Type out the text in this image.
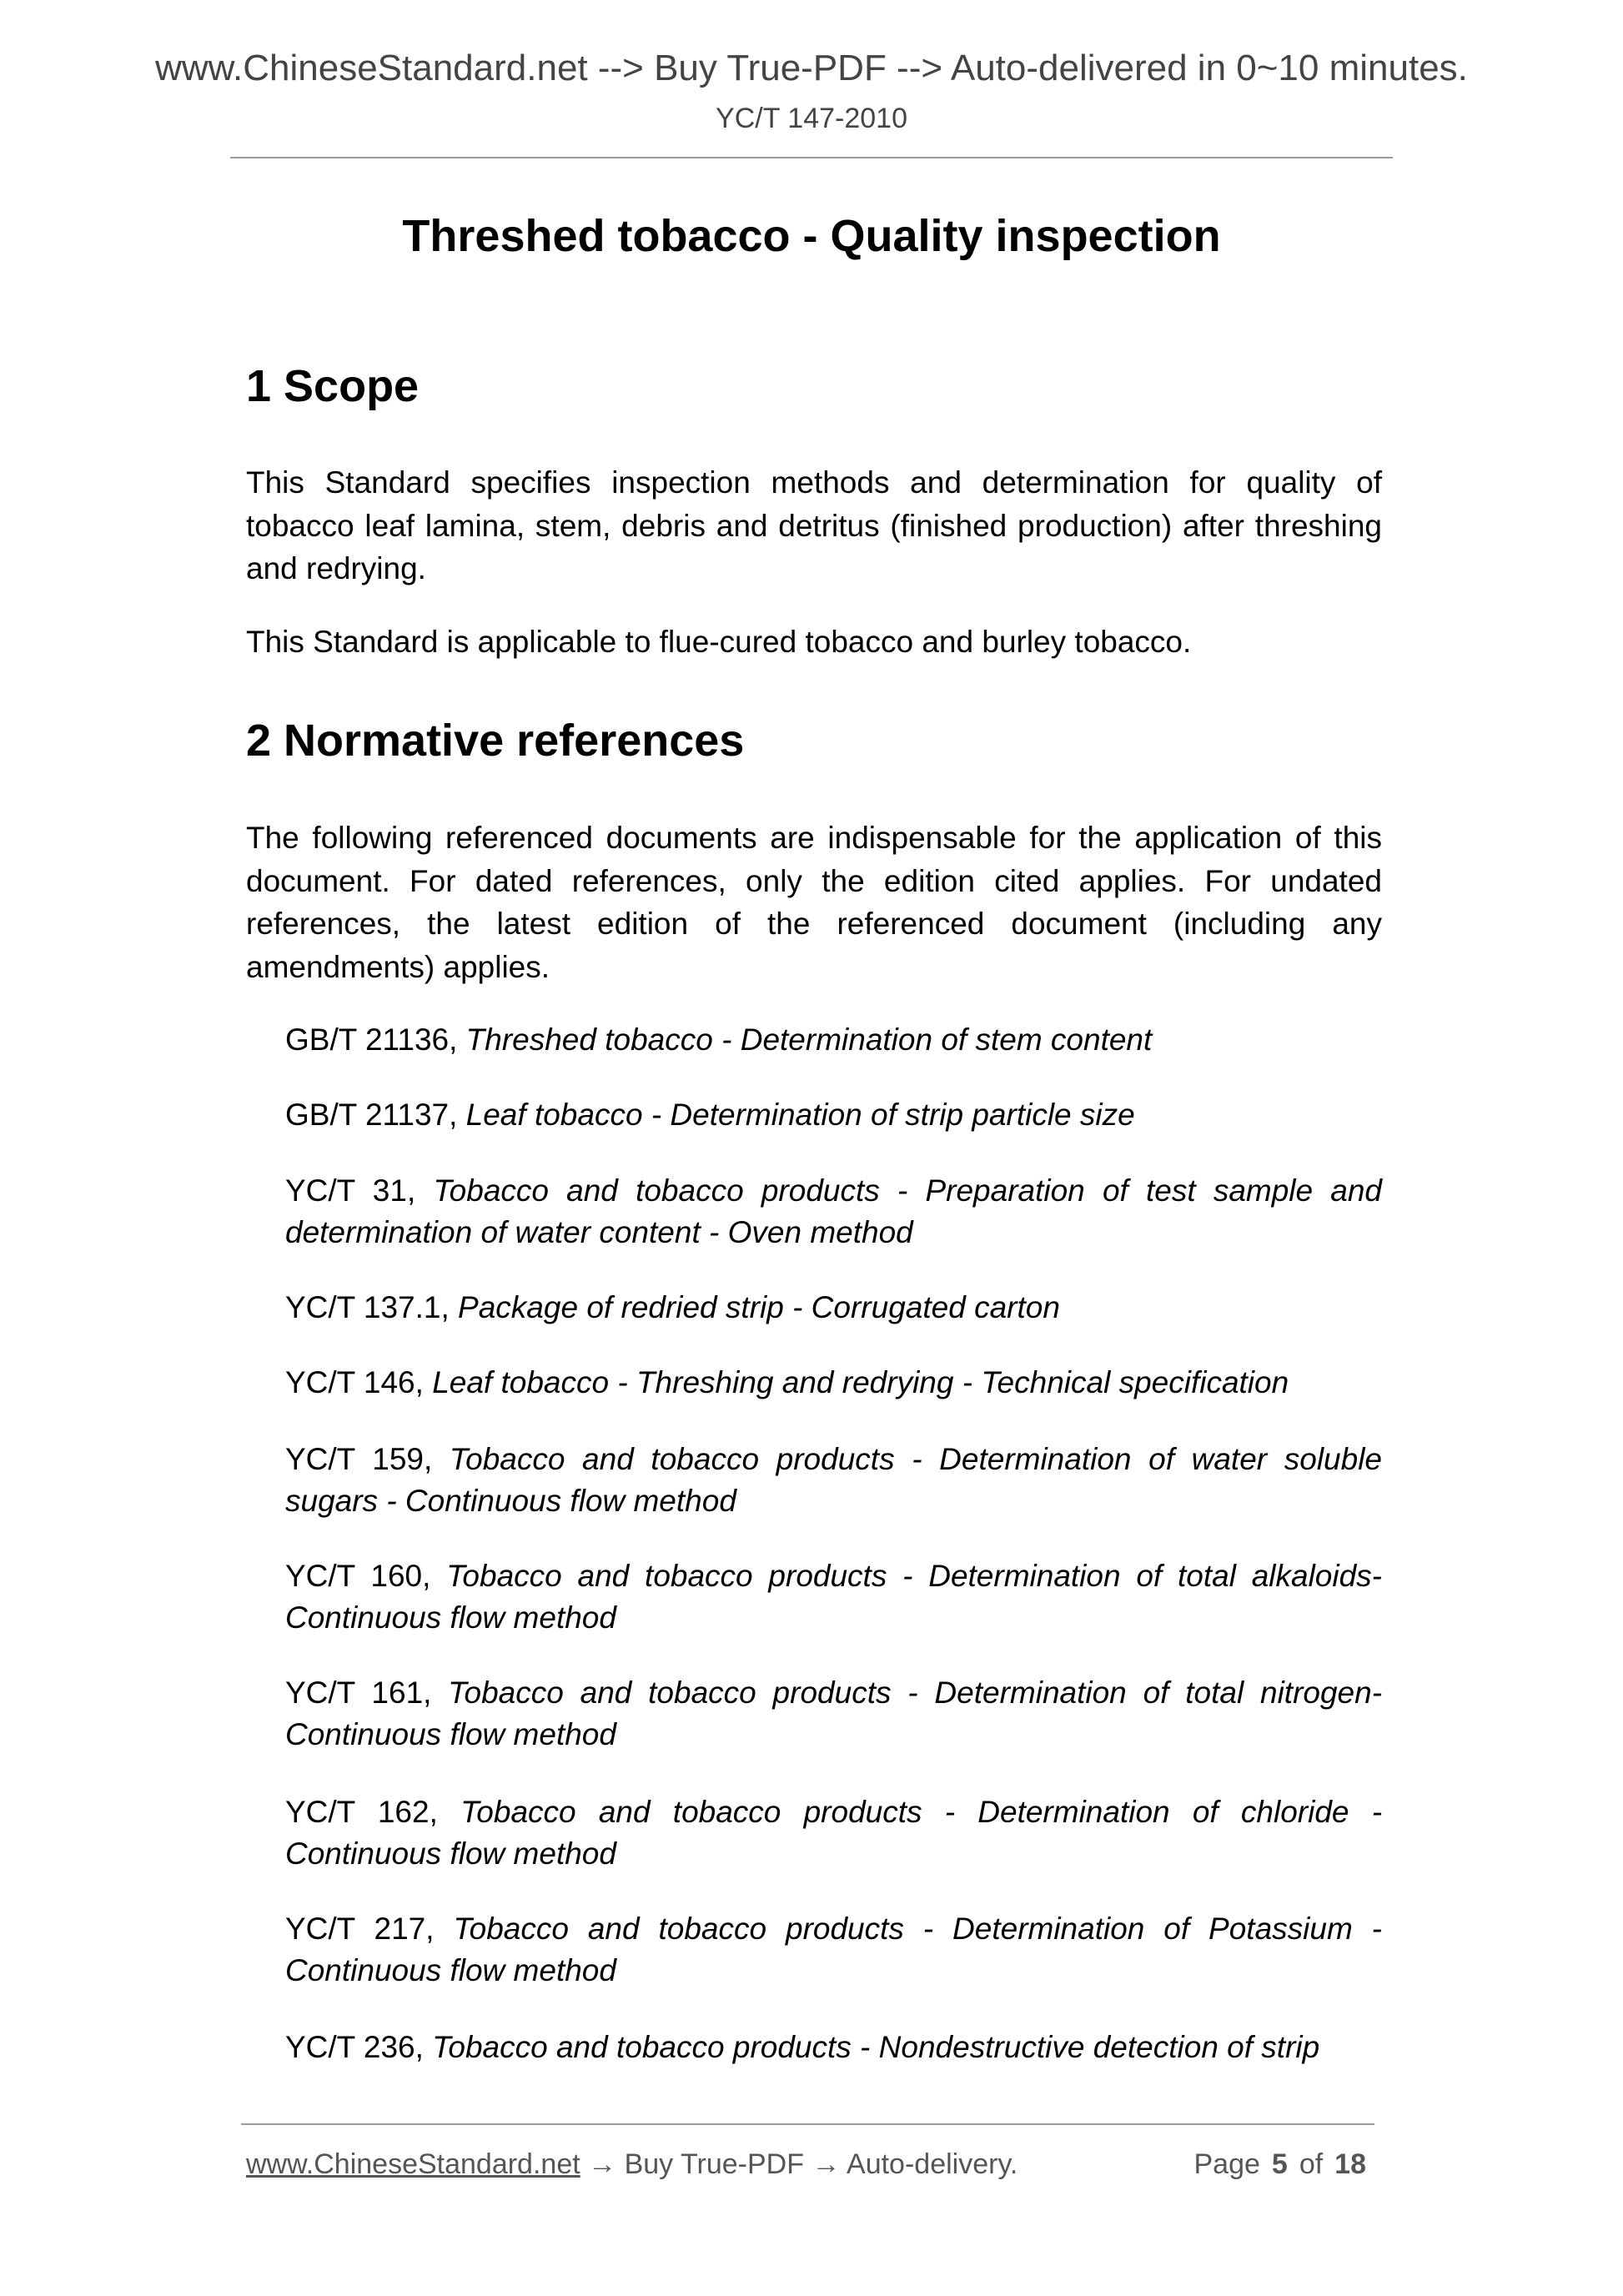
www.ChineseStandard.net --> Buy True-PDF --> Auto-delivered in 0~10 minutes.
YC/T 147-2010
Threshed tobacco - Quality inspection
1 Scope
This Standard specifies inspection methods and determination for quality of tobacco leaf lamina, stem, debris and detritus (finished production) after threshing and redrying.
This Standard is applicable to flue-cured tobacco and burley tobacco.
2 Normative references
The following referenced documents are indispensable for the application of this document. For dated references, only the edition cited applies. For undated references, the latest edition of the referenced document (including any amendments) applies.
GB/T 21136, Threshed tobacco - Determination of stem content
GB/T 21137, Leaf tobacco - Determination of strip particle size
YC/T 31, Tobacco and tobacco products - Preparation of test sample and determination of water content - Oven method
YC/T 137.1, Package of redried strip - Corrugated carton
YC/T 146, Leaf tobacco - Threshing and redrying - Technical specification
YC/T 159, Tobacco and tobacco products - Determination of water soluble sugars - Continuous flow method
YC/T 160, Tobacco and tobacco products - Determination of total alkaloids- Continuous flow method
YC/T 161, Tobacco and tobacco products - Determination of total nitrogen- Continuous flow method
YC/T 162, Tobacco and tobacco products - Determination of chloride - Continuous flow method
YC/T 217, Tobacco and tobacco products - Determination of Potassium - Continuous flow method
YC/T 236, Tobacco and tobacco products - Nondestructive detection of strip
www.ChineseStandard.net → Buy True-PDF → Auto-delivery.	Page 5 of 18
